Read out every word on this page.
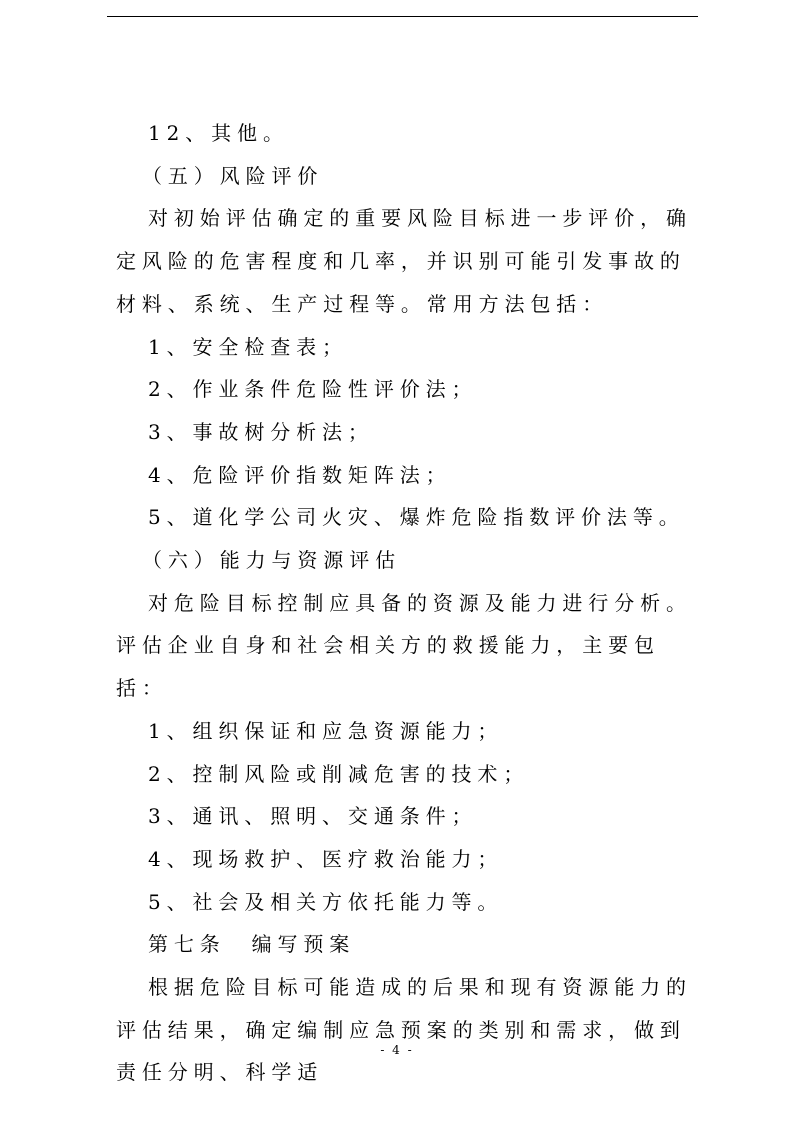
12、其他。

（五）风险评价

对初始评估确定的重要风险目标进一步评价，确定风险的危害程度和几率，并识别可能引发事故的材料、系统、生产过程等。常用方法包括：

1、安全检查表；

2、作业条件危险性评价法；

3、事故树分析法；

4、危险评价指数矩阵法；

5、道化学公司火灾、爆炸危险指数评价法等。

（六）能力与资源评估

对危险目标控制应具备的资源及能力进行分析。评估企业自身和社会相关方的救援能力，主要包括：

1、组织保证和应急资源能力；

2、控制风险或削减危害的技术；

3、通讯、照明、交通条件；

4、现场救护、医疗救治能力；

5、社会及相关方依托能力等。

第七条　编写预案

根据危险目标可能造成的后果和现有资源能力的评估结果，确定编制应急预案的类别和需求，做到责任分明、科学适

- 4 -
